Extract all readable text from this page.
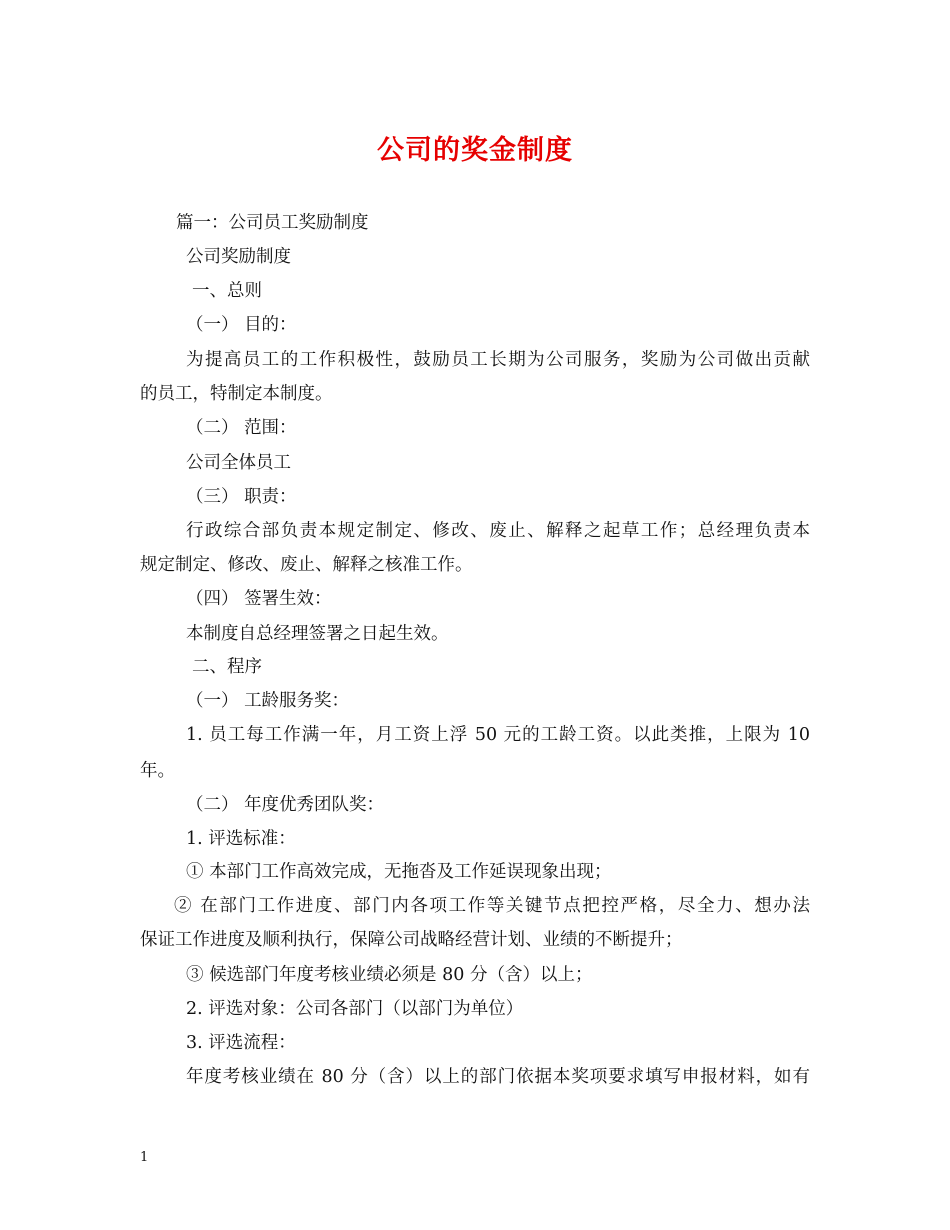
公司的奖金制度
篇一：公司员工奖励制度
公司奖励制度
一、总则
（一） 目的：
为提高员工的工作积极性，鼓励员工长期为公司服务，奖励为公司做出贡献
的员工，特制定本制度。
（二） 范围：
公司全体员工
（三） 职责：
行政综合部负责本规定制定、修改、废止、解释之起草工作；总经理负责本
规定制定、修改、废止、解释之核准工作。
（四） 签署生效：
本制度自总经理签署之日起生效。
二、程序
（一） 工龄服务奖：
1. 员工每工作满一年，月工资上浮 50 元的工龄工资。以此类推，上限为 10
年。
（二） 年度优秀团队奖：
1. 评选标准：
① 本部门工作高效完成，无拖沓及工作延误现象出现；
② 在部门工作进度、部门内各项工作等关键节点把控严格，尽全力、想办法
保证工作进度及顺利执行，保障公司战略经营计划、业绩的不断提升；
③ 候选部门年度考核业绩必须是 80 分（含）以上；
2. 评选对象：公司各部门（以部门为单位）
3. 评选流程：
年度考核业绩在 80 分（含）以上的部门依据本奖项要求填写申报材料，如有
1
